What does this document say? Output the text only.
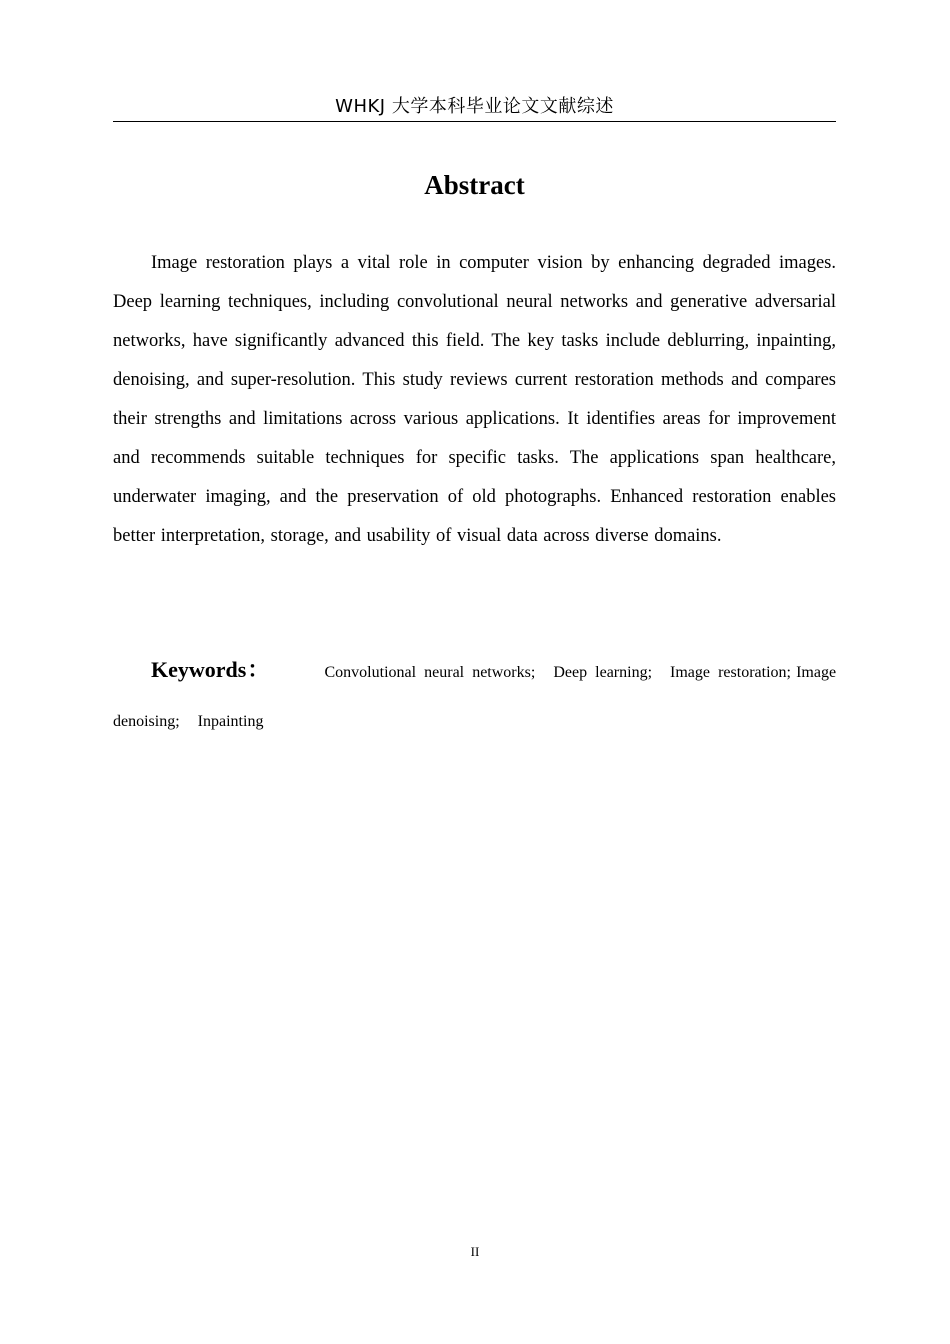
WHKJ 大学本科毕业论文文献综述
Abstract

Image restoration plays a vital role in computer vision by enhancing degraded images. Deep learning techniques, including convolutional neural networks and generative adversarial networks, have significantly advanced this field. The key tasks include deblurring, inpainting, denoising, and super-resolution. This study reviews current restoration methods and compares their strengths and limitations across various applications. It identifies areas for improvement and recommends suitable techniques for specific tasks. The applications span healthcare, underwater imaging, and the preservation of old photographs. Enhanced restoration enables better interpretation, storage, and usability of visual data across diverse domains.

Keywords：	Convolutional neural networks; Deep learning; Image restoration; Image denoising; Inpainting

II
